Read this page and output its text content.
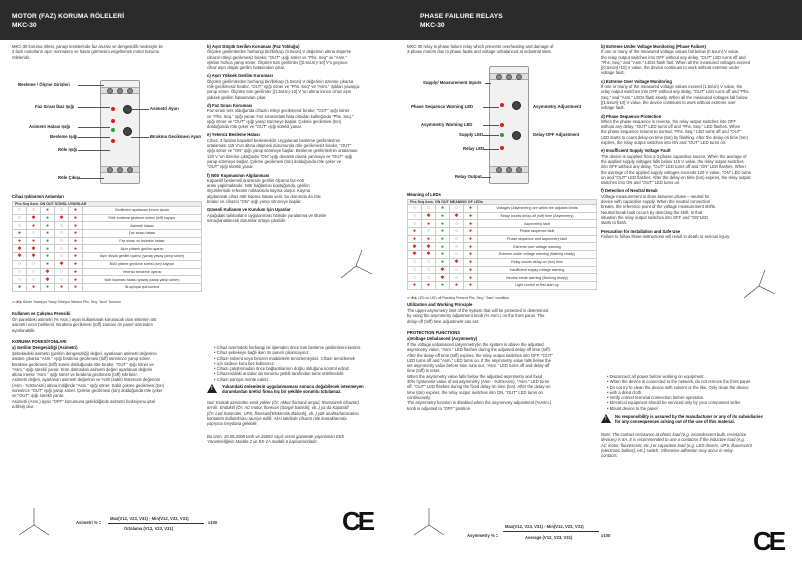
MOTOR (FAZ) KORUMA RÖLELERİ
MKC-30
MKC-30 koruma rölesi, yanayi tesislerinde faz arızası ve dengesizlik nedeniyle ile
3 fazlı motorların aşırı ısınmasını ve hasar görmesini engellemek motor koruma
röleleridir.
Besleme / Ölçme Girişleri
Faz Sırası İkaz Işığı	Asimetri Ayarı
Asimetri Hatası Işığı
Besleme Işığı	Bırakma Gecikmesi Ayarı
Röle Işığı
Röle Çıkışı
Cihaz Işıklarının Anlamları
Phs Seq Asm. ON OUT SÖNSL UYARILAR					
○	○	●	○	●	Gerilimleri ayarlanan sınırın içinde
○	✱	●	✱	●	Röle bırakma gecikme süresi (toff) sayıyor
○	●	●	○	●	Asimetri hatası
●	○	●	○	●	Faz sırası hatası
●	●	●	○	●	Faz sırası ve Asimetri hatası
✱	✱	●	○	●	Aşırı yüksek gerilim uyarısı
✱	✱	●	○	●	Aşırı düşük gerilim uyarısı (yavaş yavaş yanıp söner)
○	○	●	✱	●	Bölü çekme gecikme süresi (ton) sayıyor
○	○	✱	○	●	Yetersiz besleme uyarısı
○	○	✱	○	●	Nötr kopması hatası (yavaş yavaş yanıp söner)
●	●	●	●	●	İlk açılışta ışık kontrol
●○✱◉ Söner Yanmıyor Yanıp Sönüyor Mevcut Phs. Seq. "Asm" Durumu
Kullanım ve Çalışma Prensibi
Ön paneldeki asimetri (% Asm.) ayarı kullanılarak korunacak olan sistemin üst
asimetri sınırı belirlenir. Bırakma gecikmesi (toff) zamanı ön panel üzerinden
ayarlanabilir.
KORUMA FONKSİYONLARI
a) Gerilim Dengesizliği (Asimetri)
Şebekedeki asimetri (gerilim dengesizliği) değeri, ayarlanan asimetri değerinin
üstüne çıkarsa "Asm." ışığı bırakma gecikmesi (toff) süresince yanıp söner.
Bırakma gecikmesi (toff) süresi dolduğunda röle bırakır, "OUT" ışığı söner ve
"Asm." ışığı sürekli yanar. Süre dolmadan asimetri değeri ayarlanan değerin
altına inerse "Asm." ışığı söner ve bırakma gecikmesi (toff) sıfırlanır.
Asimetri değeri, ayarlanan asimetri değerinin ve %30 (sabit) histerezis değerinin
(Asm - %30xAsm) altına indiğinde "Asm." ışığı söner. Sabit çekme gecikmesi (ton)
süresince "OUT" ışığı yanıp söner. Çekme gecikmesi (ton) dolduğunda röle çeker
ve "OUT" ışığı sürekli yanar.
Asimetri (Asm.) ayarı "OFF" konumuna getirildiğinde asimetri fonksiyonu iptal
edilmiş olur.
Asimetri % =
Max(V12, V23, V31) - Min(V12, V23, V31)
Ortalama (V12, V23, V31)
x100
b) Aşırı Düşük Gerilim Koruması (Faz Yokluğu)
Ölçülen gerilimlerden herhangi biri/birkaçı (0.6xUn) V değerinin altına düşerse
cihazın röleyi gecikmesiz bırakır, "OUT" ışığı söner ve "Phs. Seq" ve "Asm."
ışıkları hızlıca yanıp söner. Ölçülen tüm gerilimler [(0.5xUn)+10] V'u geçince
cihaz aşırı düşük gerilim hatasından çıkar.
c) Aşırı Yüksek Gerilim Koruması
Ölçülen gerilimlerden herhangi biri/birkaçı (1.5xUn) V değerinin üzerine çıkarsa
röle gecikmesiz bırakır, "OUT" ışığı söner ve "Phs. Seq" ve "Asm." ışıkları yavaşça
yanıp söner. Ölçülen tüm gerilimler [(1.5xUn)-10] V 'un altına inince cihaz aşırı
yüksek gerilim hatasından çıkar.
d) Faz Sırası Koruması
Faz sırası ters olduğunda cihazın röleyi gecikmesiz bırakır, "OUT" ışığı söner
ve "Phs. Seq." ışığı yanar. Faz sırasındaki hata ortadan kalktığında "Phs. Seq."
ışığı söner ve "OUT" ışığı yanıp sönmeye başlar. Çekme gecikmesi (ton)
dolduğunda röle çeker ve "OUT" ışığı sürekli yanar.
e) Yetersiz Besleme Hatası
Cihaz, 3 fazdan kapasitif beslemelidir. Uygulanan besleme gerilimlerinin
ortalaması 115 V'un altına düşmesi durumunda röle gecikmesiz bırakır, "OUT"
ışığı söner ve "ON" ışığı yanıp sönmeye başlar. Besleme gerilimlerinin ortalaması
120 V 'un üzerine çıktığında "ON" ışığı devamlı olarak yanmaya ve "OUT" ışığı
yanıp sönmeye başlar. Çekme gecikmesi (ton) dolduğunda röle çeker ve
"OUT" ışığı sürekli yanar.
f) Nötr Kopmasının Algılanması
Kapasitif beslemeli ürünlerde gerilim ölçümü faz-nötr
arası yapılmaktadır. Nötr bağlantısı koptuğunda, gerilim
ölçümlerinde referans noktasında kayma oluşur. Kayma
algılanarak cihaz nötr kopma hatası verir, bu durumda da röle
bırakır ve cihazın "ON" ışığı yanıp sönmeye başlar.
Güvenli Kullanım ve Kurulum İçin Uyarılar
Aşağıdaki talimatların uygulanması halinde yaralanma ve ölümle
sonuçlanabilecek durumlar ortaya çıkabilir.
• Cihaz üzerindeki herhangi bir işlemden önce tüm besleme gerilimlerini kesiniz.
• Cihaz şebekeye bağlı iken ön paneli çıkarmayınız.
• Cihazı solvent veya benzeri maddelerle temizlemeyiniz. Cihazı temizlemek
• için sadece kuru bez kullanınız.
• Cihazı çalıştırmadan önce bağlantılarının doğru olduğunu kontrol ediniz.
• Cihazınızdaki arızalar da sorumlu yetkili tarafından tamir ettirilmelidir.
• Cihazı panoya monte ediniz.
! Yukarıdaki önlemlerin uygulanmaması sonucu doğabilecek istenmeyen
durumlardan üretici firma hiç bir şekilde sorumlu tutulamaz.
Not: Kontak üzerinden emik yükler (Ör: Akkor flamanlı ampul, Rezistanslı cihazlar)
8A'dir. Endüktif (Ör: AC motor, floresan (Sargılı balastlı), vb..) ya da Kapasitif
(Ör: Led Sürücüler, UPS, floresanl(Elektronik Balastlı), vb..) yük anahtarlanacaksa
kontaktör kullanılması tavsiye edilir. Aksi takdirde cihazın röle kontaklarında
yapışma meydana gelebilir.
Bu ürün, 30.05.2008 tarih ve 26893 sayılı resmi gazetede yayınlanan EEE
Yönetmeliğinin Madde 2 ve EK-1A madde 6 kapsamındadır.
CE
PHASE FAILURE RELAYS
MKC-30
MKC-30 relay is phase failure relay which prevents overheating and damage of
3-phase motors due to phase faults and voltage unbalanced at industrial sites.
Supply/ Measurement Inputs
Phase Sequence Warning LED	Asymmetry Adjustment
Asymmetry Warning LED
Supply LED	Delay-OFF Adjustment
Relay LED
Relay Output
Meaning of LEDs
Phs Seq Asm. ON OUT MEANING OF LEDs					
○	○	●	○	●	Voltages (Asymmetry) are within the adjusted limits
○	✱	●	✱	●	Relay counts delay-off (toff) time (Asymmetry)
○	●	●	○	●	Asymmetry fault
●	○	●	○	●	Phase sequence fault
●	●	●	○	●	Phase sequence and asymmetry fault
✱	✱	●	○	●	Extreme over voltage warning
✱	✱	●	○	●	Extreme under voltage warning (flashing slowly)
○	○	●	✱	●	Relay counts delay-on (ton) time
○	○	✱	○	●	Insufficient supply voltage warning
○	○	✱	○	●	Neutral break warning (flashing slowly)
●	●	●	●	●	Light control at first start-up
●○✱◉ LED on LED off Flashing Present Phs. Seq / "Asm" condition
Utilization and Working Principle
The upper asymmetry limit of the system that will be protected is determined
by using the asymmetry adjustment knob (% Asm.) on the front panel. The
delay-off (toff) time adjustment can set.
PROTECTION FUNCTIONS
a)Voltage Unbalanced (Asymmetry)
If the voltage unbalanced (asymmetry)in the system is above the adjusted
asymmetry value, "Asm." LED flashes during the adjusted delay-off time (toff).
After the delay-off time (toff) expires, the relay output switches into OFF, "OUT"
LED turns off and "Asm." LED turns on. If the asymmetry value falls below the
set asymmetry value before time runs out, "Asm." LED turns off and delay-off
time (toff) is reset.
When the asymmetry value falls below the adjusted asymmetry and fixed
30% hysteresis value of set asymmetry (Asm - %30xAsm), "Asm." LED turns
off. "OUT" LED flashes during the fixed delay-on time (ton). After the delay-on
time (ton) expires, the relay output switches into ON, "OUT" LED turns on
continuously.
The asymmetry function is disabled when the asymmetry adjustment (%Asm.)
knob is adjusted to "OFF" position
Asymmetry % =
Max(V12, V23, V31) - Min(V12, V23, V31)
Average (V12, V23, V31)	x100
b) Extreme Under Voltage Monitoring (Phase Failure)
If one or many of the measured voltage values fall below (0.6xUn) V value,
the relay output switches into OFF without any delay, "OUT" LED turns off and
"Phs. Seq." and "Asm." LEDs flash fast. When all the measured voltages exceed
[(0.5xUn)+10] V value, the device continues to work without extreme under
voltage fault.
c) Extreme Over Voltage Monitoring
If one or many of the measured voltage values exceed (1.5xUn) V value, the
relay output switches into OFF without any delay, "OUT" LED turns off and "Phs.
Seq." and "Asm." LEDs flash slowly. When all the measured voltages fall below
[(1.5xUn)-10] V value, the device continues to work without extreme over
voltage fault.
d) Phase Sequence Protection
When the phase sequence is reverse, the relay output switches into OFF
without any delay, "OUT" LED turns off and "Phs. Seq." LED flashes. When
the phase sequence returns to normal, "Phs. Seq." LED turns off and "OUT"
LED starts to count delay-on time (ton) by flashing. After the delay-on time (ton)
expires, the relay output switches into ON and "OUT" LED turns on.
e) Insufficient Supply Voltage Fault
The device is supplied from a 3-phase capacitive source. When the average of
the applied supply voltages falls below 115 V value, the relay output switches
into OFF without any delay, "OUT" LED turns off and "ON" LED flashes. When
the average of the applied supply voltages exceeds 120 V value, "ON" LED turns
on and "OUT" LED flashes. After the delay-on time (ton) expires, the relay output
switches into ON and "OUT" LED turns on.
f) Detection of Neutral Break
Voltage measurement is done between phase – neutral for
device with capacitive supply. When the neutral connection
breaks, the reference point of the voltage measurement shifts.
Neutral break fault occurs by detecting the shift. In that
situation the relay output switches into OFF and "ON"LED
starts to flash.
Precaution for Installation and Safe Use
Failure to follow those instructions will result in death or serious injury.
• Disconnect all power before working on equipment.
• When the device is connected to the network, do not remove the front panel.
• Do not try to clean the device with solvent or the like. Only clean the device
• with a dried cloth.
• Verify correct terminal connection before operation.
• Electrical equipment should be serviced only by your component seller.
• Mount device to the panel
! No responsibility is assured by the manufacturer or any of its subsidiaries
for any consequences arising out of the use of this material.
Note: The contact resistance at ohmic load (e.g. incandescent bulb, resistance
devices) is 8A. It is recommended to use a contactor if the inductive load (e.g.
AC motor, fluorescent, etc.) or capacitive load (e.g. LED drivers, UPS, fluorescent
(electronic ballast), etc.) switch. Otherwise adhesion may occur in relay
contacts.
CE
